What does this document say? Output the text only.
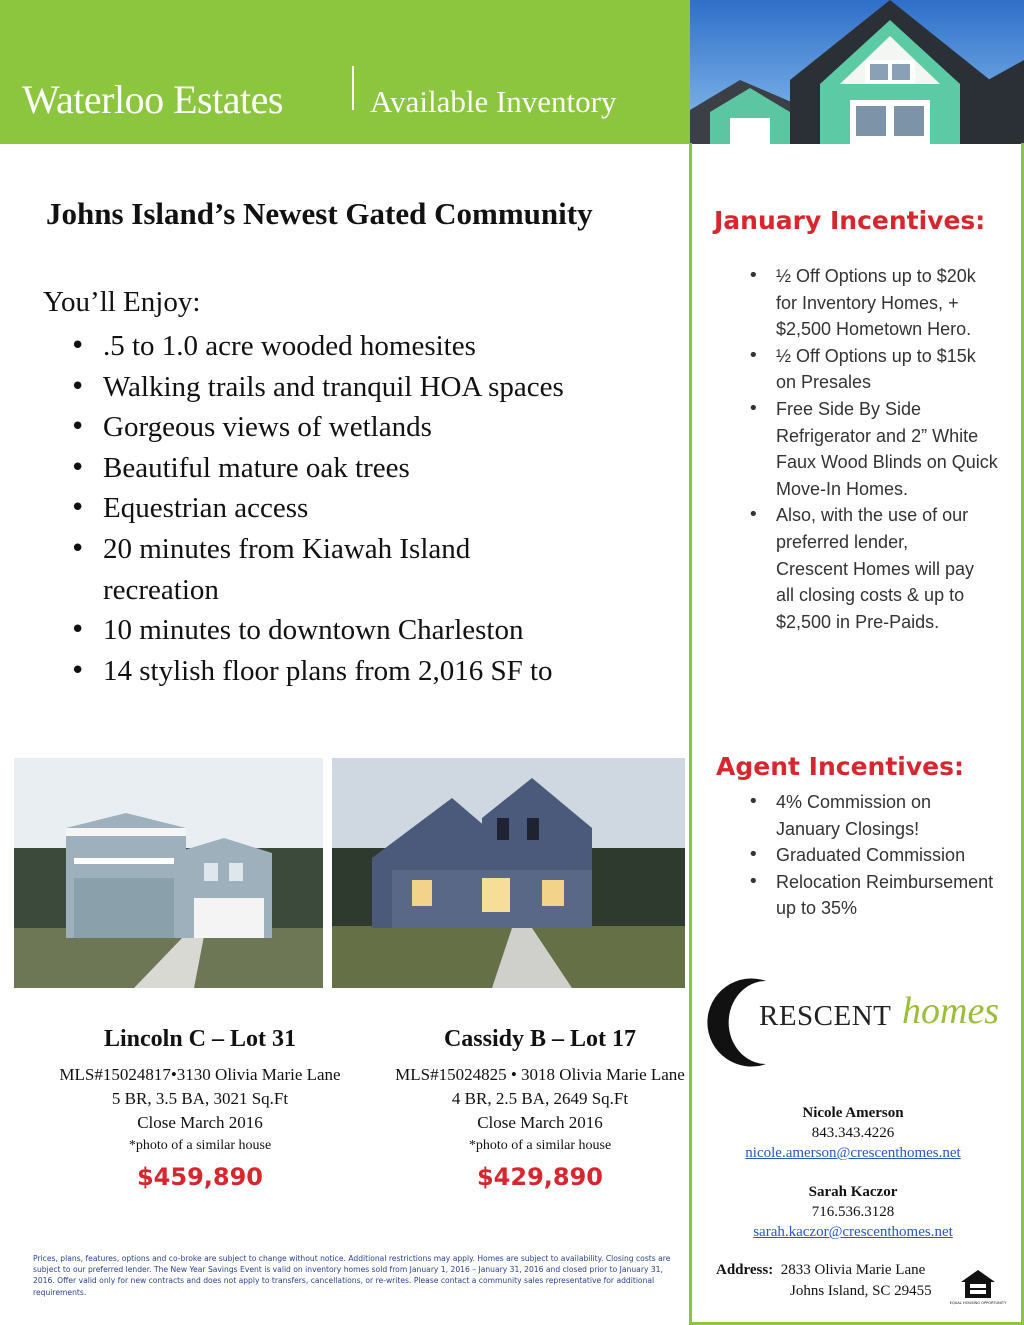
Waterloo Estates	Available Inventory
Johns Island’s Newest Gated Community
You’ll Enjoy:
• .5 to 1.0 acre wooded homesites
• Walking trails and tranquil HOA spaces
• Gorgeous views of wetlands
• Beautiful mature oak trees
• Equestrian access
• 20 minutes from Kiawah Island recreation
• 10 minutes to downtown Charleston
• 14 stylish floor plans from 2,016 SF to
Lincoln C – Lot 31
MLS#15024817•3130 Olivia Marie Lane
5 BR, 3.5 BA, 3021 Sq.Ft
Close March 2016
*photo of a similar house
$459,890
Cassidy B – Lot 17
MLS#15024825 • 3018 Olivia Marie Lane
4 BR, 2.5 BA, 2649 Sq.Ft
Close March 2016
*photo of a similar house
$429,890
Prices, plans, features, options and co-broke are subject to change without notice. Additional restrictions may apply. Homes are subject to availability. Closing costs are subject to our preferred lender. The New Year Savings Event is valid on inventory homes sold from January 1, 2016 – January 31, 2016 and closed prior to January 31, 2016. Offer valid only for new contracts and does not apply to transfers, cancellations, or re-writes. Please contact a community sales representative for additional requirements.
January Incentives:
• ½ Off Options up to $20k for Inventory Homes, + $2,500 Hometown Hero.
• ½ Off Options up to $15k on Presales
• Free Side By Side Refrigerator and 2” White Faux Wood Blinds on Quick Move-In Homes.
• Also, with the use of our preferred lender, Crescent Homes will pay all closing costs & up to $2,500 in Pre-Paids.
Agent Incentives:
• 4% Commission on January Closings!
• Graduated Commission
• Relocation Reimbursement up to 35%
RESCENT homes
Nicole Amerson
843.343.4226
nicole.amerson@crescenthomes.net
Sarah Kaczor
716.536.3128
sarah.kaczor@crescenthomes.net
Address: 2833 Olivia Marie Lane
Johns Island, SC 29455
EQUAL HOUSING OPPORTUNITY
